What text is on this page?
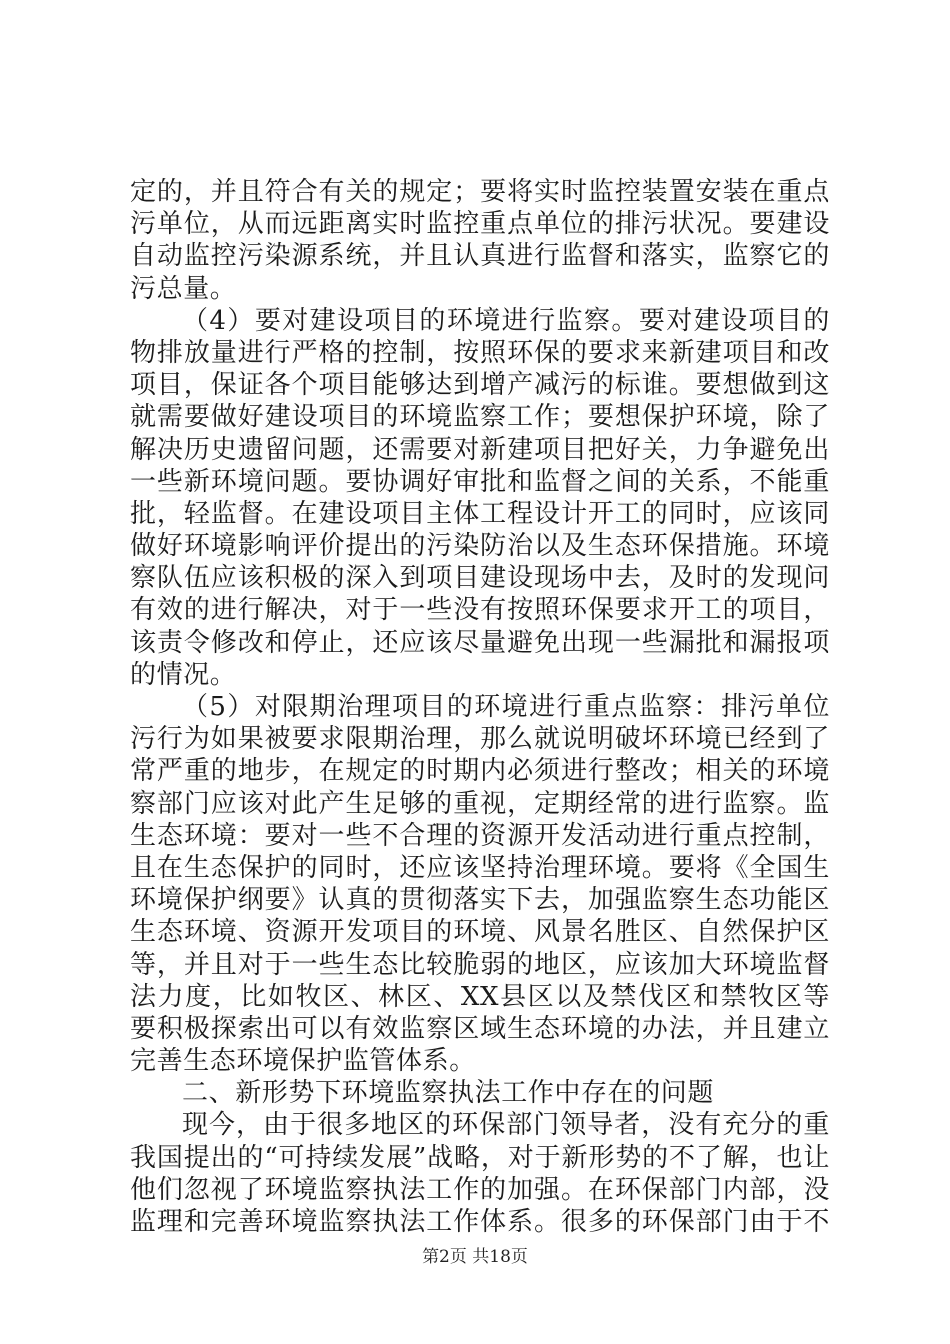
定的，并且符合有关的规定；要将实时监控装置安装在重点
污单位，从而远距离实时监控重点单位的排污状况。要建设
自动监控污染源系统，并且认真进行监督和落实，监察它的
污总量。
（4）要对建设项目的环境进行监察。要对建设项目的
物排放量进行严格的控制，按照环保的要求来新建项目和改
项目，保证各个项目能够达到增产减污的标谁。要想做到这
就需要做好建设项目的环境监察工作；要想保护环境，除了
解决历史遗留问题，还需要对新建项目把好关，力争避免出
一些新环境问题。要协调好审批和监督之间的关系，不能重
批，轻监督。在建设项目主体工程设计开工的同时，应该同
做好环境影响评价提出的污染防治以及生态环保措施。环境
察队伍应该积极的深入到项目建设现场中去，及时的发现问
有效的进行解决，对于一些没有按照环保要求开工的项目，
该责令修改和停止，还应该尽量避免出现一些漏批和漏报项
的情况。
（5）对限期治理项目的环境进行重点监察：排污单位
污行为如果被要求限期治理，那么就说明破坏环境已经到了
常严重的地步，在规定的时期内必须进行整改；相关的环境
察部门应该对此产生足够的重视，定期经常的进行监察。监
生态环境：要对一些不合理的资源开发活动进行重点控制，
且在生态保护的同时，还应该坚持治理环境。要将《全国生
环境保护纲要》认真的贯彻落实下去，加强监察生态功能区
生态环境、资源开发项目的环境、风景名胜区、自然保护区
等，并且对于一些生态比较脆弱的地区，应该加大环境监督
法力度，比如牧区、林区、XX县区以及禁伐区和禁牧区等
要积极探索出可以有效监察区域生态环境的办法，并且建立
完善生态环境保护监管体系。
二、新形势下环境监察执法工作中存在的问题
现今，由于很多地区的环保部门领导者，没有充分的重
我国提出的“可持续发展”战略，对于新形势的不了解，也让
他们忽视了环境监察执法工作的加强。在环保部门内部，没
监理和完善环境监察执法工作体系。很多的环保部门由于不
第2页 共18页
